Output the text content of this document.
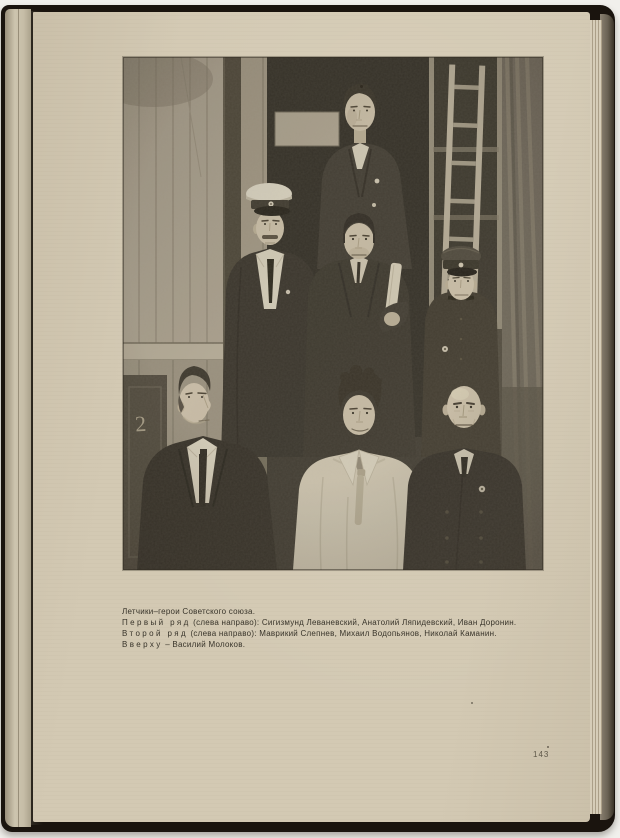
Летчики–герои Советского союза.
Первый ряд (слева направо): Сигизмунд Леваневский, Анатолий Ляпидевский, Иван Доронин.
Второй ряд (слева направо): Маврикий Слепнев, Михаил Водопьянов, Николай Каманин.
Вверху – Василий Молоков.
143
